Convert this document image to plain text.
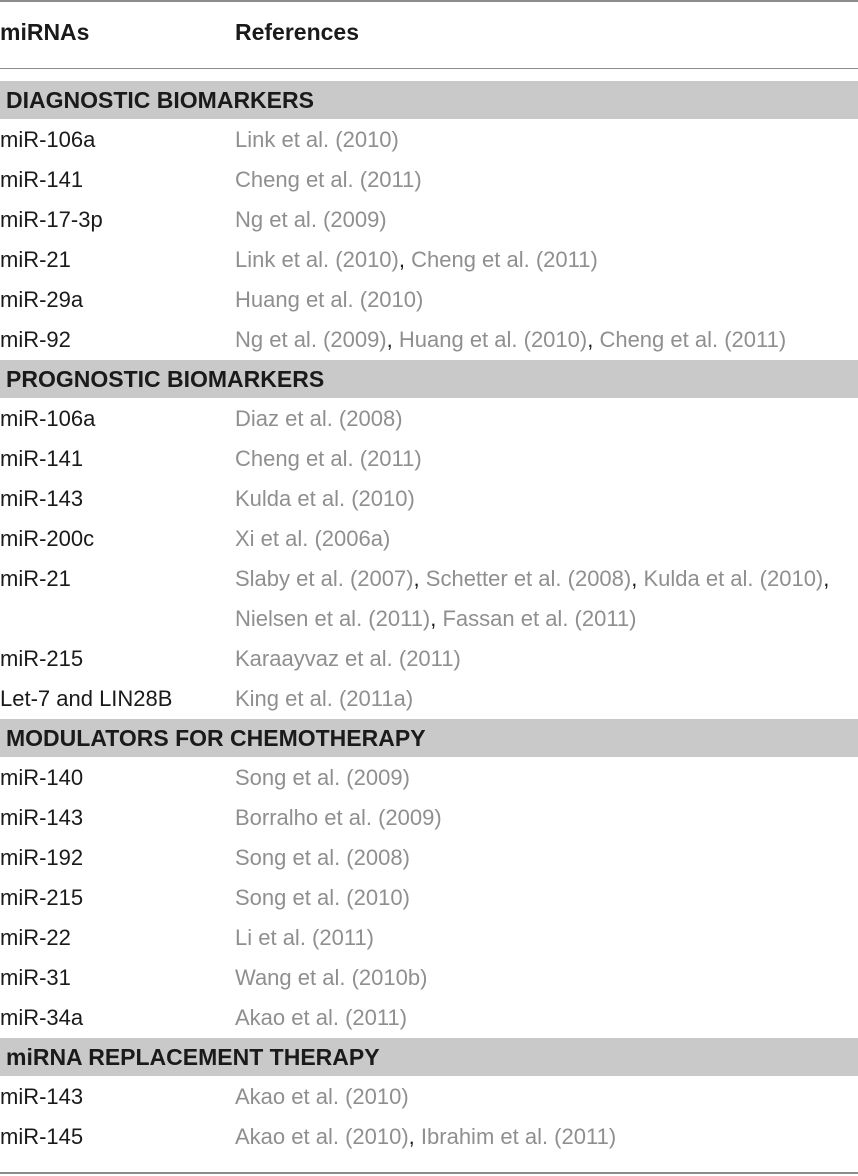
miRNAs	References
DIAGNOSTIC BIOMARKERS
miR-106a	Link et al. (2010)
miR-141	Cheng et al. (2011)
miR-17-3p	Ng et al. (2009)
miR-21	Link et al. (2010), Cheng et al. (2011)
miR-29a	Huang et al. (2010)
miR-92	Ng et al. (2009), Huang et al. (2010), Cheng et al. (2011)
PROGNOSTIC BIOMARKERS
miR-106a	Diaz et al. (2008)
miR-141	Cheng et al. (2011)
miR-143	Kulda et al. (2010)
miR-200c	Xi et al. (2006a)
miR-21	Slaby et al. (2007), Schetter et al. (2008), Kulda et al. (2010), Nielsen et al. (2011), Fassan et al. (2011)
miR-215	Karaayvaz et al. (2011)
Let-7 and LIN28B	King et al. (2011a)
MODULATORS FOR CHEMOTHERAPY
miR-140	Song et al. (2009)
miR-143	Borralho et al. (2009)
miR-192	Song et al. (2008)
miR-215	Song et al. (2010)
miR-22	Li et al. (2011)
miR-31	Wang et al. (2010b)
miR-34a	Akao et al. (2011)
miRNA REPLACEMENT THERAPY
miR-143	Akao et al. (2010)
miR-145	Akao et al. (2010), Ibrahim et al. (2011)
